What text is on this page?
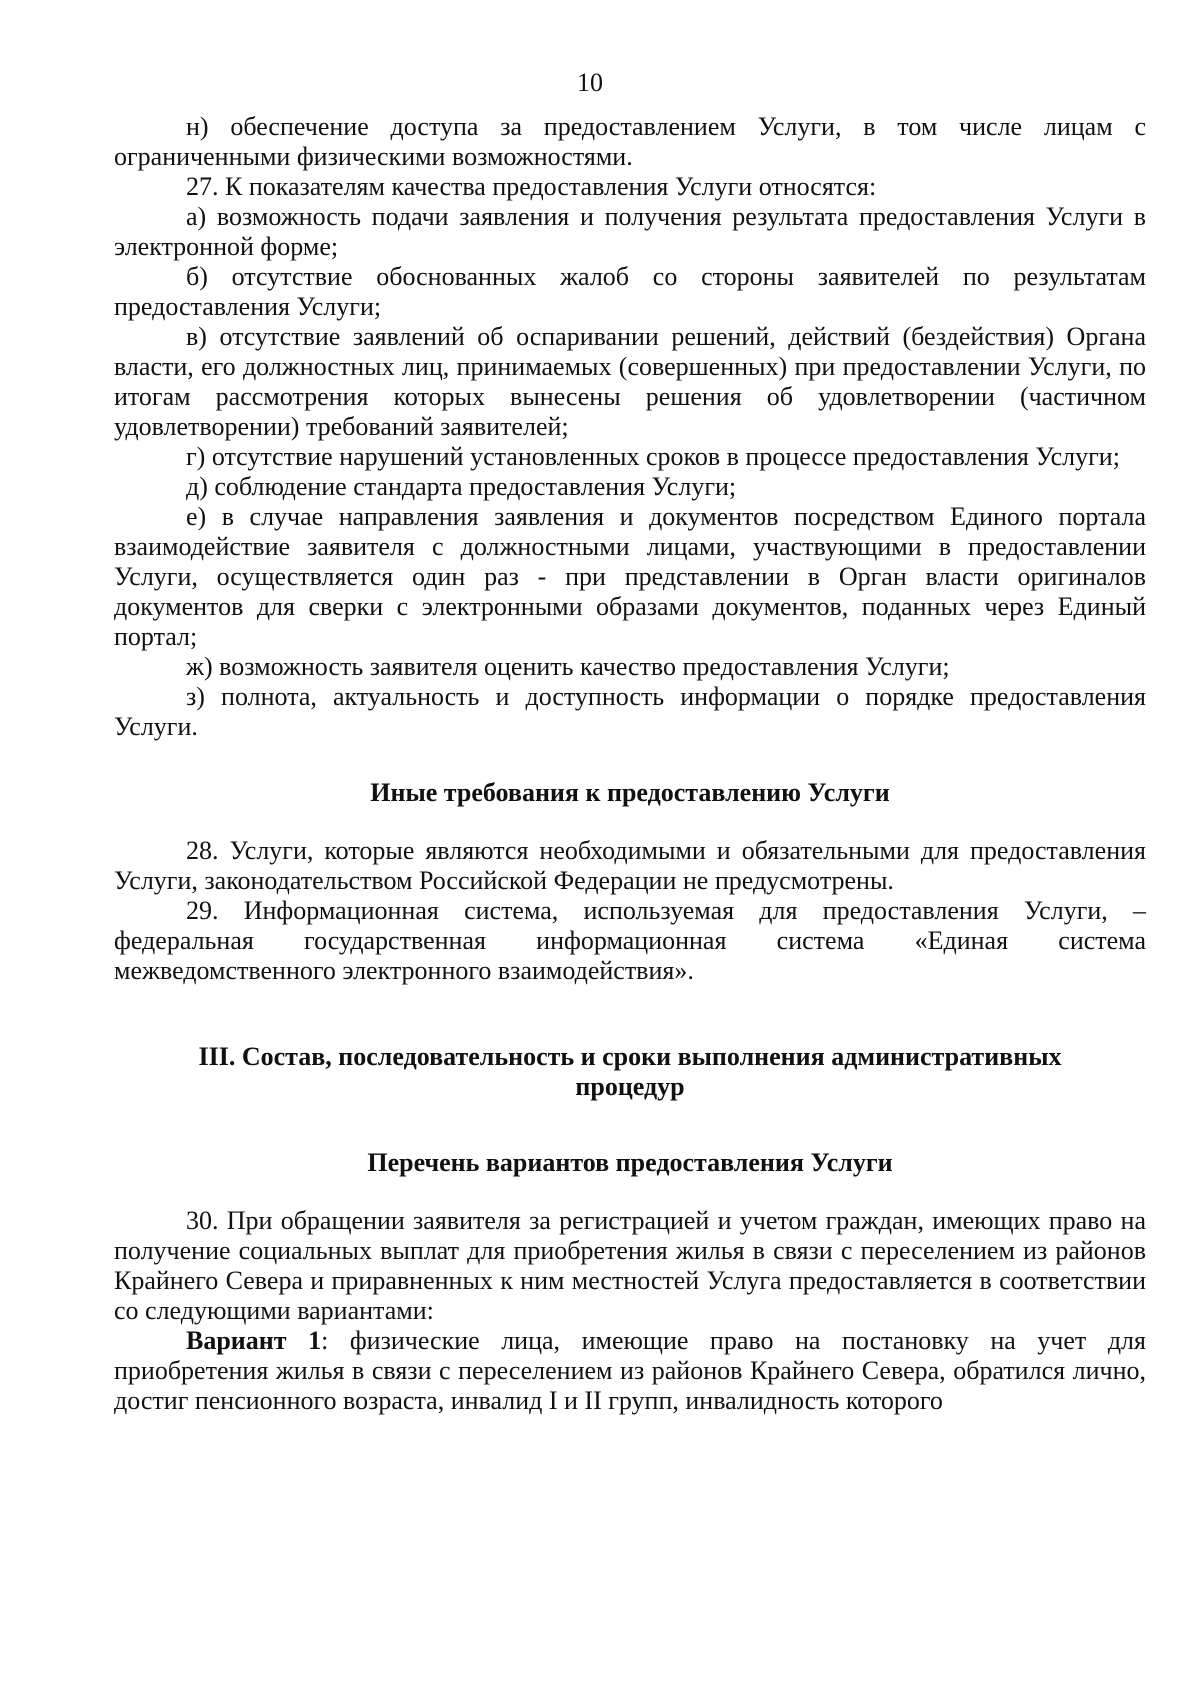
10

н) обеспечение доступа за предоставлением Услуги, в том числе лицам с ограниченными физическими возможностями.

27. К показателям качества предоставления Услуги относятся:

а) возможность подачи заявления и получения результата предоставления Услуги в электронной форме;

б) отсутствие обоснованных жалоб со стороны заявителей по результатам предоставления Услуги;

в) отсутствие заявлений об оспаривании решений, действий (бездействия) Органа власти, его должностных лиц, принимаемых (совершенных) при предоставлении Услуги, по итогам рассмотрения которых вынесены решения об удовлетворении (частичном удовлетворении) требований заявителей;

г) отсутствие нарушений установленных сроков в процессе предоставления Услуги;

д) соблюдение стандарта предоставления Услуги;

е) в случае направления заявления и документов посредством Единого портала взаимодействие заявителя с должностными лицами, участвующими в предоставлении Услуги, осуществляется один раз - при представлении в Орган власти оригиналов документов для сверки с электронными образами документов, поданных через Единый портал;

ж) возможность заявителя оценить качество предоставления Услуги;

з) полнота, актуальность и доступность информации о порядке предоставления Услуги.

Иные требования к предоставлению Услуги

28. Услуги, которые являются необходимыми и обязательными для предоставления Услуги, законодательством Российской Федерации не предусмотрены.

29. Информационная система, используемая для предоставления Услуги, – федеральная государственная информационная система «Единая система межведомственного электронного взаимодействия».

III. Состав, последовательность и сроки выполнения административных процедур
Перечень вариантов предоставления Услуги

30. При обращении заявителя за регистрацией и учетом граждан, имеющих право на получение социальных выплат для приобретения жилья в связи с переселением из районов Крайнего Севера и приравненных к ним местностей Услуга предоставляется в соответствии со следующими вариантами:

Вариант 1: физические лица, имеющие право на постановку на учет для приобретения жилья в связи с переселением из районов Крайнего Севера, обратился лично, достиг пенсионного возраста, инвалид I и II групп, инвалидность которого
